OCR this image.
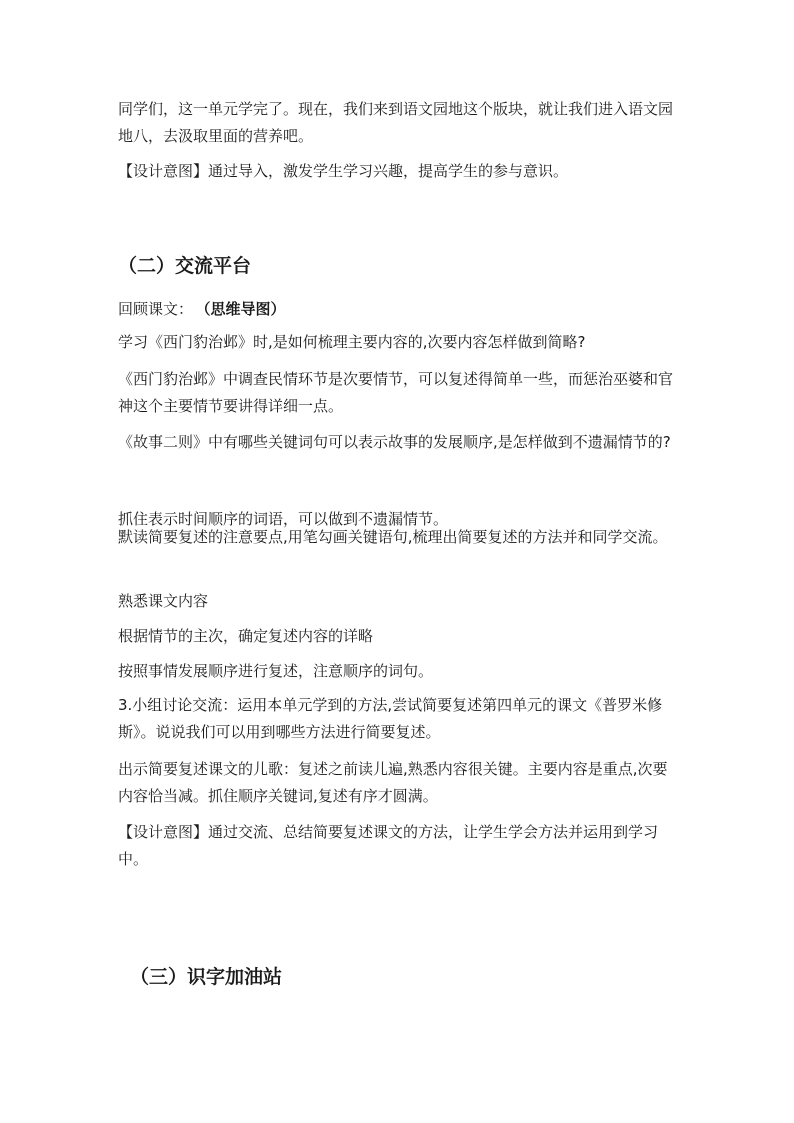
同学们，这一单元学完了。现在，我们来到语文园地这个版块，就让我们进入语文园地八，去汲取里面的营养吧。

【设计意图】通过导入，激发学生学习兴趣，提高学生的参与意识。

（二）交流平台

回顾课文： （思维导图）

学习《西门豹治邺》时,是如何梳理主要内容的,次要内容怎样做到简略?

《西门豹治邺》中调查民情环节是次要情节，可以复述得简单一些，而惩治巫婆和官神这个主要情节要讲得详细一点。

《故事二则》中有哪些关键词句可以表示故事的发展顺序,是怎样做到不遗漏情节的?

抓住表示时间顺序的词语，可以做到不遗漏情节。

默读简要复述的注意要点,用笔勾画关键语句,梳理出简要复述的方法并和同学交流。

熟悉课文内容

根据情节的主次，确定复述内容的详略

按照事情发展顺序进行复述，注意顺序的词句。

3.小组讨论交流：运用本单元学到的方法,尝试简要复述第四单元的课文《普罗米修斯》。说说我们可以用到哪些方法进行简要复述。

出示简要复述课文的儿歌：复述之前读儿遍,熟悉内容很关键。主要内容是重点,次要内容恰当减。抓住顺序关键词,复述有序才圆满。

【设计意图】通过交流、总结简要复述课文的方法，让学生学会方法并运用到学习中。

（三）识字加油站
